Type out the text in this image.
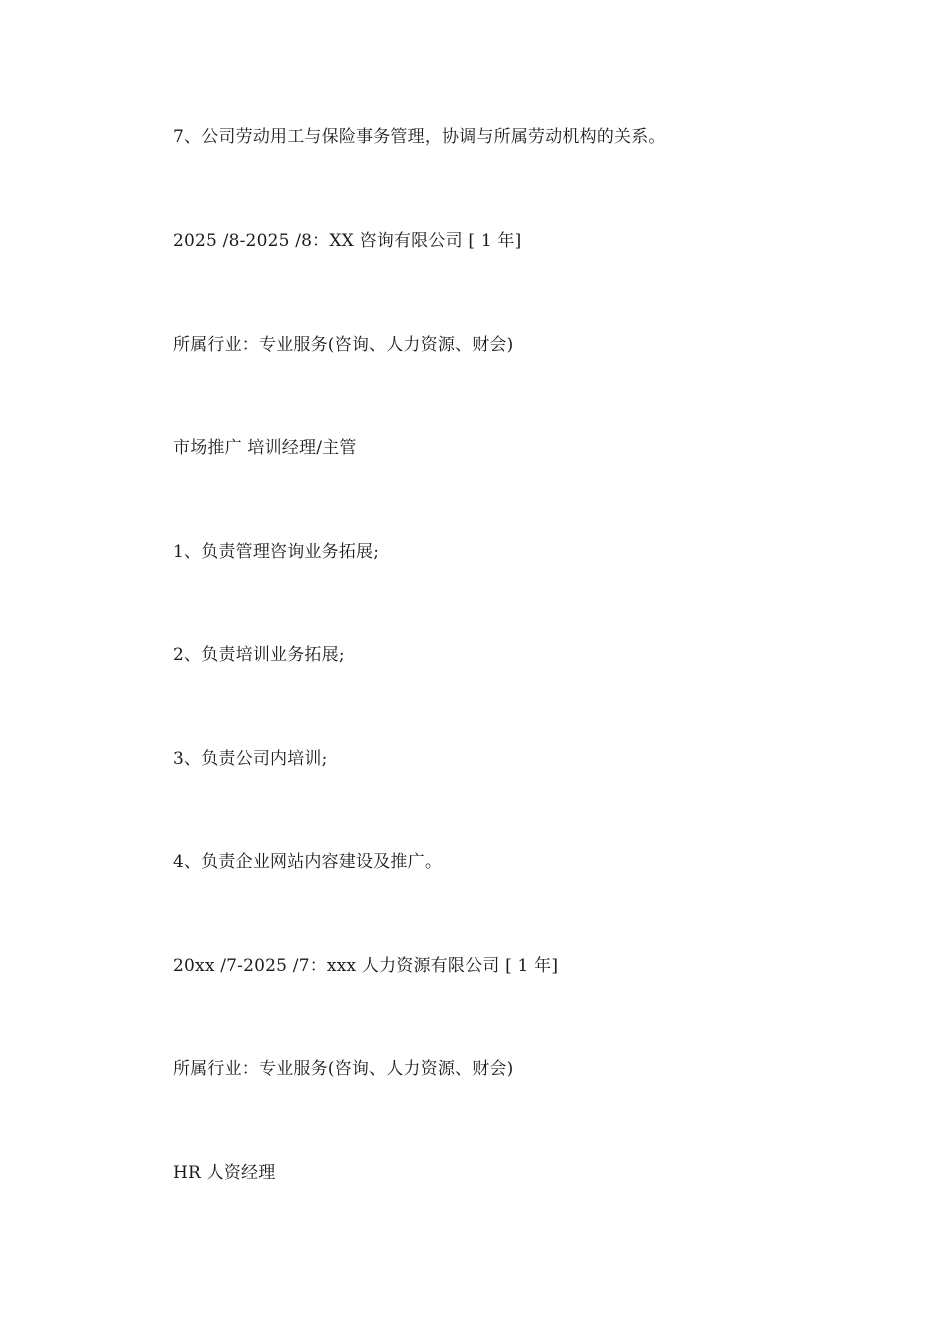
7、公司劳动用工与保险事务管理，协调与所属劳动机构的关系。
2025 /8-2025 /8：XX 咨询有限公司 [ 1 年]
所属行业：专业服务(咨询、人力资源、财会)
市场推广 培训经理/主管
1、负责管理咨询业务拓展;
2、负责培训业务拓展;
3、负责公司内培训;
4、负责企业网站内容建设及推广。
20xx /7-2025 /7：xxx 人力资源有限公司 [ 1 年]
所属行业：专业服务(咨询、人力资源、财会)
HR 人资经理
